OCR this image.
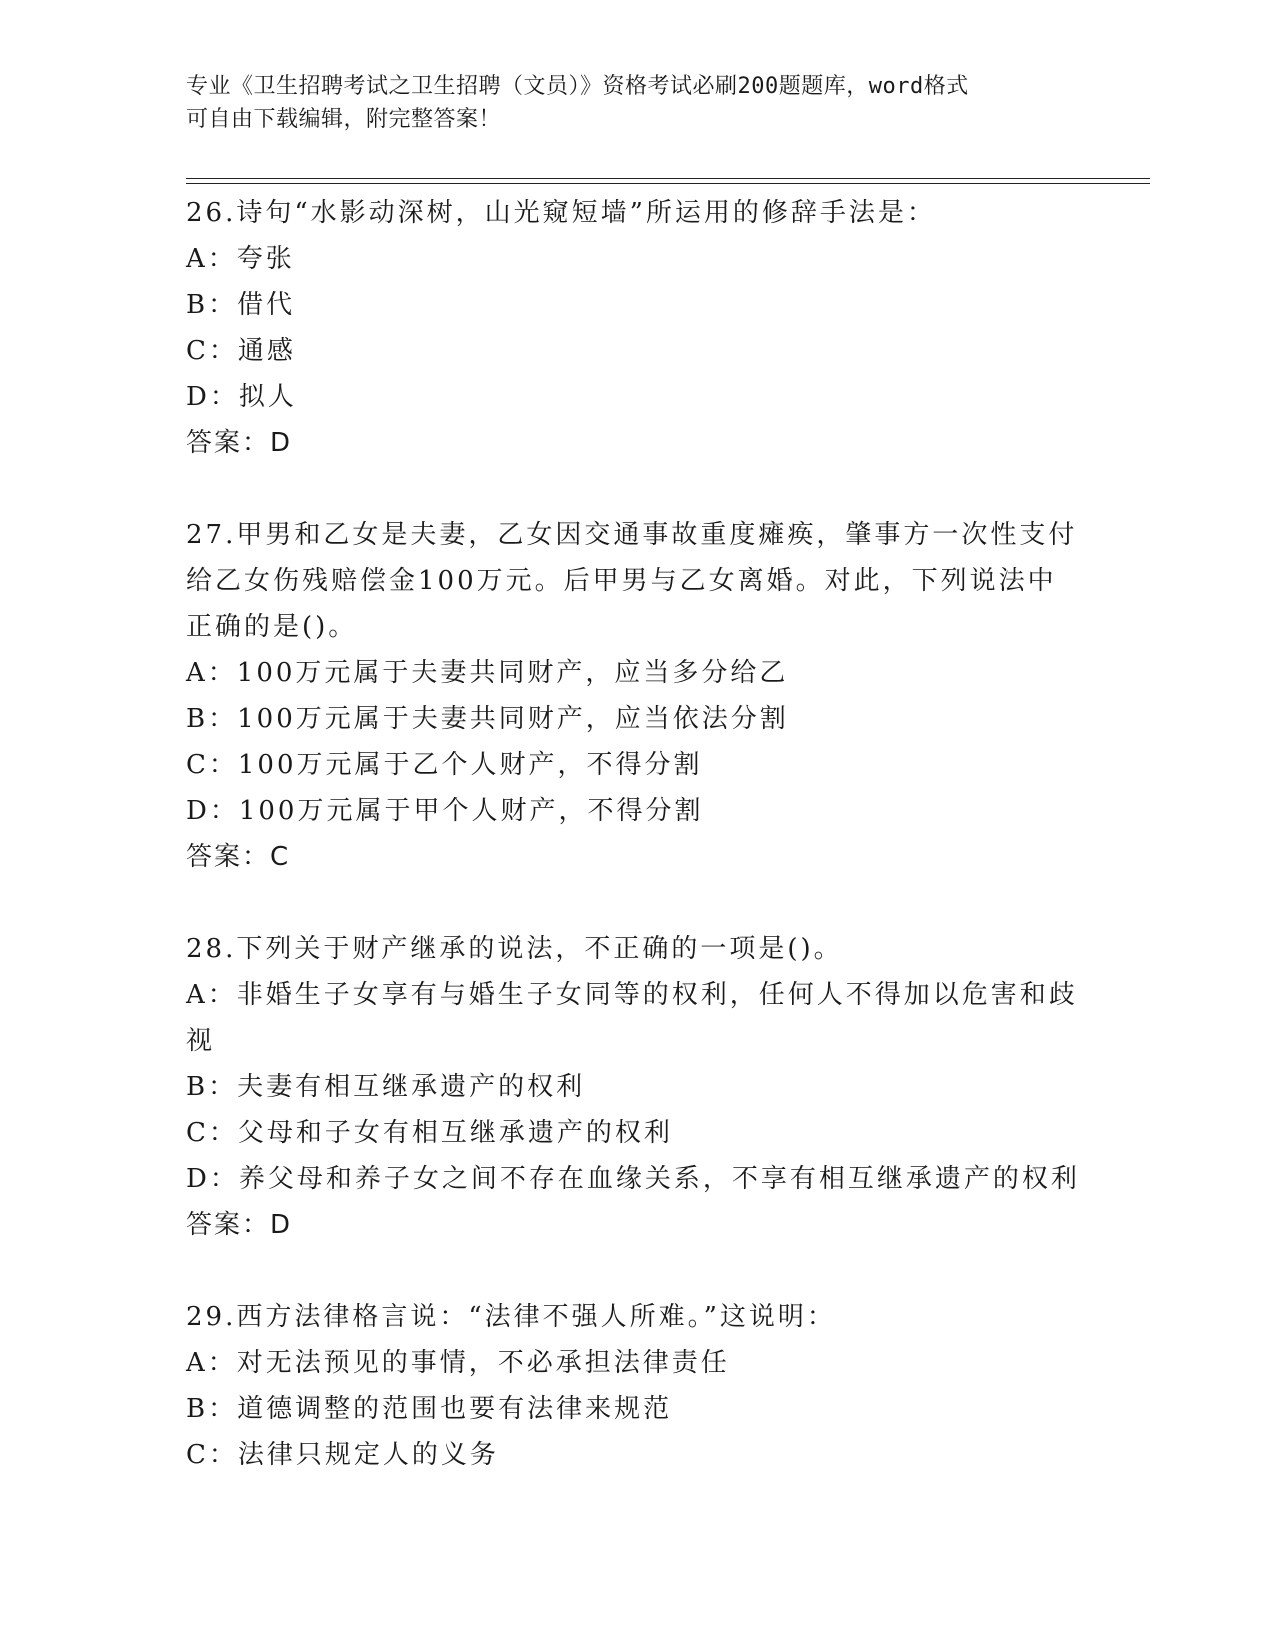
专业《卫生招聘考试之卫生招聘（文员）》资格考试必刷200题题库，word格式
可自由下载编辑，附完整答案！
26.诗句“水影动深树，山光窥短墙”所运用的修辞手法是：
A：夸张
B：借代
C：通感
D：拟人
答案：D
27.甲男和乙女是夫妻，乙女因交通事故重度瘫痪，肇事方一次性支付
给乙女伤残赔偿金100万元。后甲男与乙女离婚。对此，下列说法中
正确的是()。
A：100万元属于夫妻共同财产，应当多分给乙
B：100万元属于夫妻共同财产，应当依法分割
C：100万元属于乙个人财产，不得分割
D：100万元属于甲个人财产，不得分割
答案：C
28.下列关于财产继承的说法，不正确的一项是()。
A：非婚生子女享有与婚生子女同等的权利，任何人不得加以危害和歧
视
B：夫妻有相互继承遗产的权利
C：父母和子女有相互继承遗产的权利
D：养父母和养子女之间不存在血缘关系，不享有相互继承遗产的权利
答案：D
29.西方法律格言说：“法律不强人所难。”这说明：
A：对无法预见的事情，不必承担法律责任
B：道德调整的范围也要有法律来规范
C：法律只规定人的义务
